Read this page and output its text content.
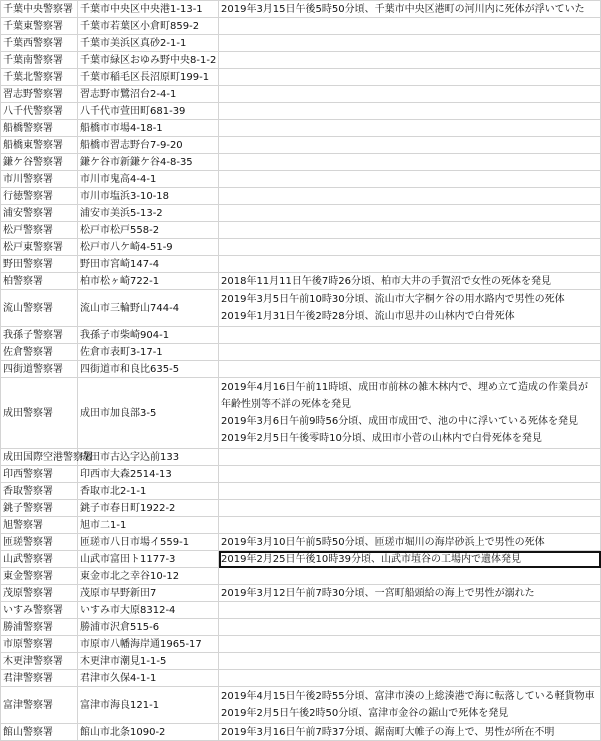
千葉中央警察署	千葉市中央区中央港1-13-1	2019年3月15日午後5時50分頃、千葉市中央区港町の河川内に死体が浮いていた

千葉東警察署	千葉市若葉区小倉町859-2	
千葉西警察署	千葉市美浜区真砂2-1-1	
千葉南警察署	千葉市緑区おゆみ野中央8-1-2	
千葉北警察署	千葉市稲毛区長沼原町199-1	
習志野警察署	習志野市鷺沼台2-4-1	
八千代警察署	八千代市萱田町681-39	
船橋警察署	船橋市市場4-18-1	
船橋東警察署	船橋市習志野台7-9-20	
鎌ケ谷警察署	鎌ケ谷市新鎌ケ谷4-8-35	
市川警察署	市川市鬼高4-4-1	
行徳警察署	市川市塩浜3-10-18	
浦安警察署	浦安市美浜5-13-2	
松戸警察署	松戸市松戸558-2	
松戸東警察署	松戸市八ケ崎4-51-9	
野田警察署	野田市宮崎147-4	
柏警察署	柏市松ヶ崎722-1	2018年11月11日午後7時26分頃、柏市大井の手賀沼で女性の死体を発見

流山警察署	流山市三輪野山744-4	2019年3月5日午前10時30分頃、流山市大字桐ケ谷の用水路内で男性の死体
2019年1月31日午後2時28分頃、流山市思井の山林内で白骨死体

我孫子警察署	我孫子市柴崎904-1	
佐倉警察署	佐倉市表町3-17-1	
四街道警察署	四街道市和良比635-5	
成田警察署	成田市加良部3-5	2019年4月16日午前11時頃、成田市前林の雑木林内で、埋め立て造成の作業員が
年齢性別等不詳の死体を発見
2019年3月6日午前9時56分頃、成田市成田で、池の中に浮いている死体を発見
2019年2月5日午後零時10分頃、成田市小菅の山林内で白骨死体を発見

成田国際空港警察署	成田市古込字込前133	
印西警察署	印西市大森2514-13	
香取警察署	香取市北2-1-1	
銚子警察署	銚子市春日町1922-2	
旭警察署	旭市二1-1	
匝瑳警察署	匝瑳市八日市場イ559-1	2019年3月10日午前5時50分頃、匝瑳市堀川の海岸砂浜上で男性の死体

山武警察署	山武市富田ト1177-3	2019年2月25日午後10時39分頃、山武市埴谷の工場内で遺体発見

東金警察署	東金市北之幸谷10-12	
茂原警察署	茂原市早野新田7	2019年3月12日午前7時30分頃、一宮町船頭給の海上で男性が溺れた

いすみ警察署	いすみ市大原8312-4	
勝浦警察署	勝浦市沢倉515-6	
市原警察署	市原市八幡海岸通1965-17	
木更津警察署	木更津市潮見1-1-5	
君津警察署	君津市久保4-1-1	
富津警察署	富津市海良121-1	2019年4月15日午後2時55分頃、富津市湊の上総湊港で海に転落している軽貨物車
2019年2月5日午後2時50分頃、富津市金谷の鋸山で死体を発見

館山警察署	館山市北条1090-2	2019年3月16日午前7時37分頃、鋸南町大帷子の海上で、男性が所在不明
